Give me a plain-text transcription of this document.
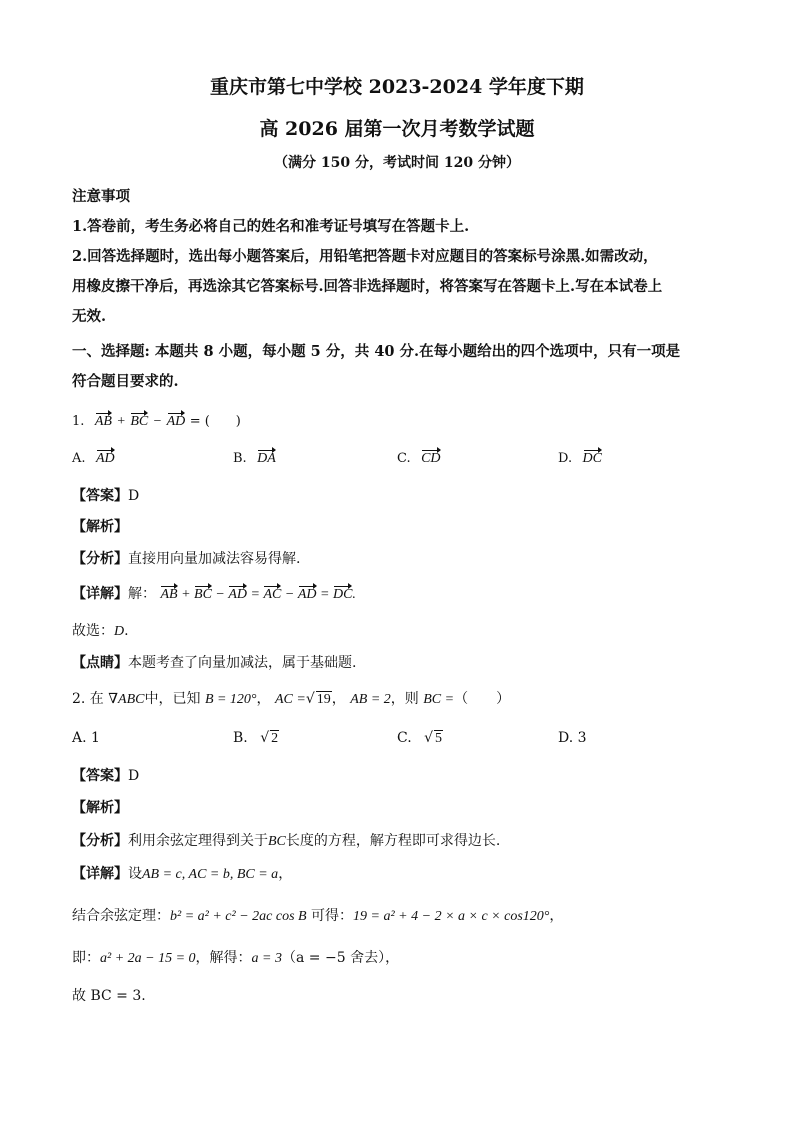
重庆市第七中学校 2023-2024 学年度下期
高 2026 届第一次月考数学试题
（满分 150 分，考试时间 120 分钟）
注意事项
1.答卷前，考生务必将自己的姓名和准考证号填写在答题卡上.
2.回答选择题时，选出每小题答案后，用铅笔把答题卡对应题目的答案标号涂黑.如需改动，
用橡皮擦干净后，再选涂其它答案标号.回答非选择题时，将答案写在答题卡上.写在本试卷上
无效.
一、选择题: 本题共 8 小题，每小题 5 分，共 40 分.在每小题给出的四个选项中，只有一项是
符合题目要求的.
1. AB + BC − AD = (　　)
A. AD	B. DA	C. CD	D. DC
【答案】D
【解析】
【分析】直接用向量加减法容易得解.
【详解】解： AB + BC − AD = AC − AD = DC.
故选：D.
【点睛】本题考查了向量加减法，属于基础题.
2. 在 ∇ABC中，已知 B = 120°， AC =√ 19， AB = 2，则 BC =（　　）
A. 1	B. √ 2	C. √ 5	D. 3
【答案】D
【解析】
【分析】利用余弦定理得到关于BC长度的方程，解方程即可求得边长.
【详解】设AB = c, AC = b, BC = a，
结合余弦定理：b² = a² + c² − 2ac cos B 可得：19 = a² + 4 − 2 × a × c × cos120°，
即：a² + 2a − 15 = 0，解得：a = 3（a = −5 舍去），
故 BC = 3.
